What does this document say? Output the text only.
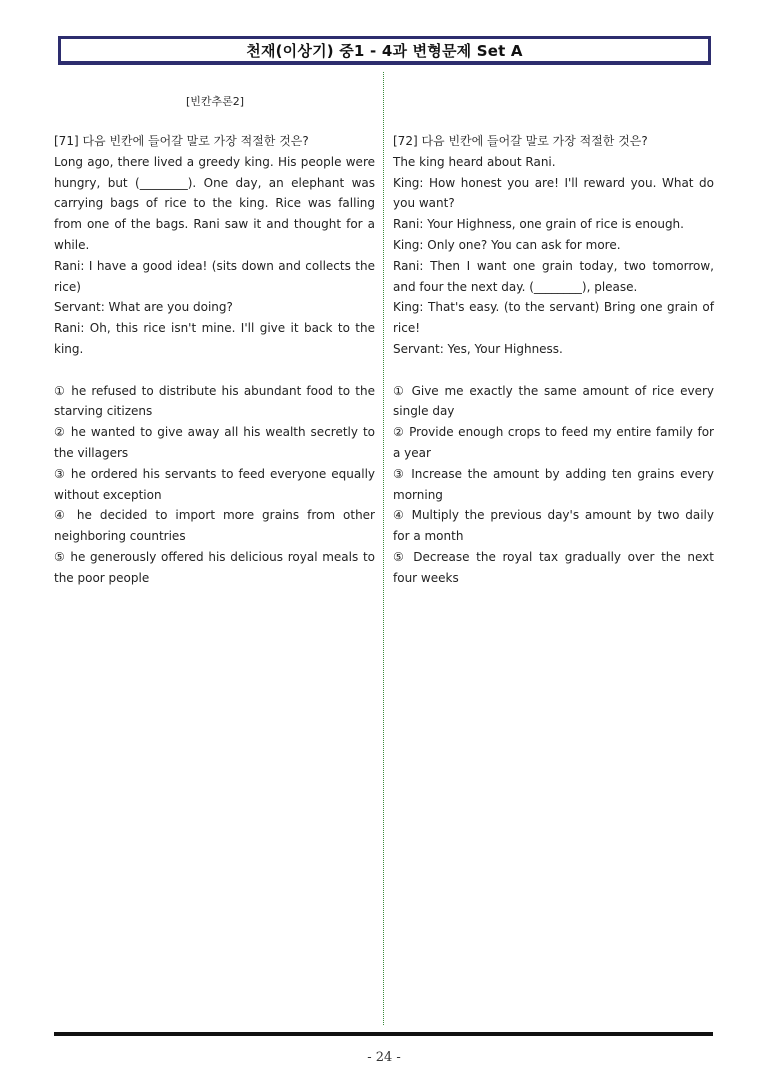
천재(이상기) 중1 - 4과 변형문제 Set A
[빈칸추론2]

[71] 다음 빈칸에 들어갈 말로 가장 적절한 것은?

Long ago, there lived a greedy king. His people were hungry, but (________). One day, an elephant was carrying bags of rice to the king. Rice was falling from one of the bags. Rani saw it and thought for a while.

Rani: I have a good idea! (sits down and collects the rice)

Servant: What are you doing?

Rani: Oh, this rice isn't mine. I'll give it back to the king.

① he refused to distribute his abundant food to the starving citizens

② he wanted to give away all his wealth secretly to the villagers

③ he ordered his servants to feed everyone equally without exception

④ he decided to import more grains from other neighboring countries

⑤ he generously offered his delicious royal meals to the poor people

[72] 다음 빈칸에 들어갈 말로 가장 적절한 것은?

The king heard about Rani.

King: How honest you are! I'll reward you. What do you want?

Rani: Your Highness, one grain of rice is enough.

King: Only one? You can ask for more.

Rani: Then I want one grain today, two tomorrow, and four the next day. (________), please.

King: That's easy. (to the servant) Bring one grain of rice!

Servant: Yes, Your Highness.

① Give me exactly the same amount of rice every single day

② Provide enough crops to feed my entire family for a year

③ Increase the amount by adding ten grains every morning

④ Multiply the previous day's amount by two daily for a month

⑤ Decrease the royal tax gradually over the next four weeks

- 24 -
